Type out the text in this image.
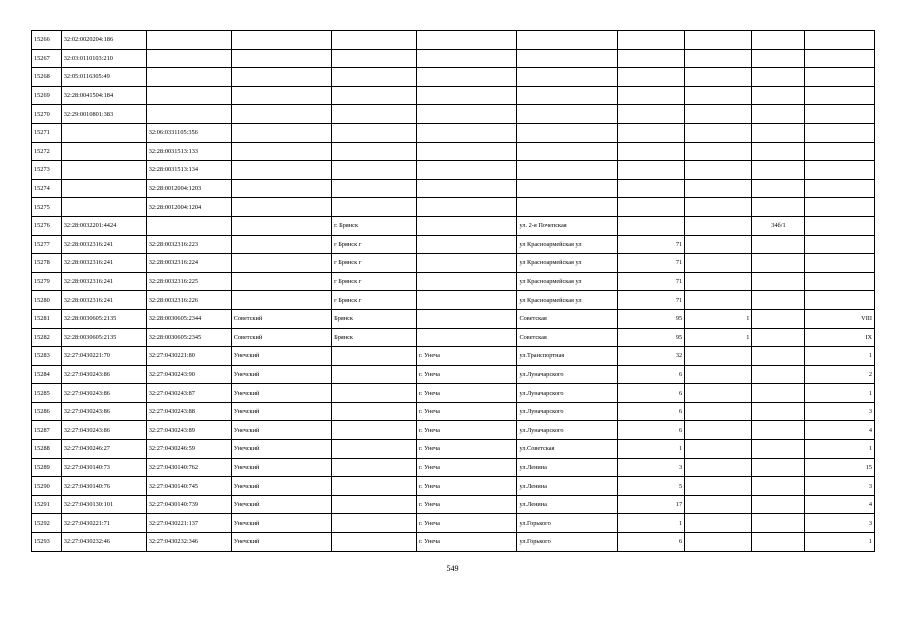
15266	32:02:0020204:186									
15267	32:03:0110103:210									
15268	32:05:0116305:49									
15269	32:28:0041504:184									
15270	32:29:0010801:383									
15271		32:06:0331105:356								
15272		32:28:0031513:133								
15273		32:28:0031513:134								
15274		32:28:0012004:1203								
15275		32:28:0012004:1204								
15276	32:28:0032201:4424			г. Брянск		ул. 2-я Почепская			34б/1	
15277	32:28:0032316:241	32:28:0032316:223		г Брянск г		ул Красноармейская ул	71			
15278	32:28:0032316:241	32:28:0032316:224		г Брянск г		ул Красноармейская ул	71			
15279	32:28:0032316:241	32:28:0032316:225		г Брянск г		ул Красноармейская ул	71			
15280	32:28:0032316:241	32:28:0032316:226		г Брянск г		ул Красноармейская ул	71			
15281	32:28:0030605:2135	32:28:0030605:2344	Советский	Брянск		Советская	95	1		VIII
15282	32:28:0030605:2135	32:28:0030605:2345	Советский	Брянск		Советская	95	1		IX
15283	32:27:0430221:70	32:27:0430221:80	Унечский		г. Унеча	ул.Транспортная	32			1
15284	32:27:0430243:86	32:27:0430243:90	Унечский		г. Унеча	ул.Луначарского	6			2
15285	32:27:0430243:86	32:27:0430243:87	Унечский		г. Унеча	ул.Луначарского	6			1
15286	32:27:0430243:86	32:27:0430243:88	Унечский		г. Унеча	ул.Луначарского	6			3
15287	32:27:0430243:86	32:27:0430243:89	Унечский		г. Унеча	ул.Луначарского	6			4
15288	32:27:0430246:27	32:27:0430246:59	Унечский		г. Унеча	ул.Советская	1			1
15289	32:27:0430140:73	32:27:0430140:762	Унечский		г. Унеча	ул.Ленина	3			15
15290	32:27:0430140:76	32:27:0430140:745	Унечский		г. Унеча	ул.Ленина	5			3
15291	32:27:0430130:101	32:27:0430140:739	Унечский		г. Унеча	ул.Ленина	17			4
15292	32:27:0430221:71	32:27:0430221:137	Унечский		г. Унеча	ул.Горького	1			3
15293	32:27:0430232:46	32:27:0430232:346	Унечский		г. Унеча	ул.Горького	6			1
549
